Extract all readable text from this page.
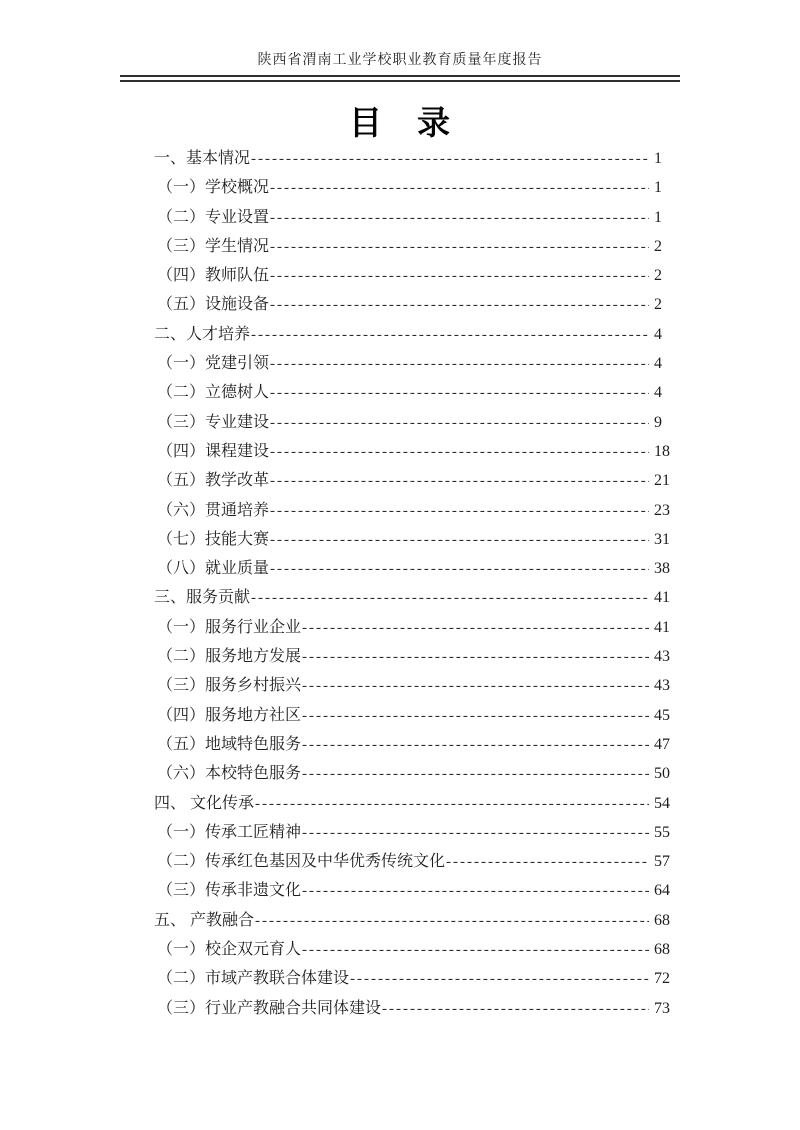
陕西省渭南工业学校职业教育质量年度报告
目　录
一、基本情况 -----	1
（一）学校概况 -----	1
（二）专业设置 -----	1
（三）学生情况 -----	2
（四）教师队伍 -----	2
（五）设施设备 -----	2
二、人才培养 -----	4
（一）党建引领 -----	4
（二）立德树人 -----	4
（三）专业建设 -----	9
（四）课程建设 -----	18
（五）教学改革 -----	21
（六）贯通培养 -----	23
（七）技能大赛 -----	31
（八）就业质量 -----	38
三、服务贡献 -----	41
（一）服务行业企业 -----	41
（二）服务地方发展 -----	43
（三）服务乡村振兴 -----	43
（四）服务地方社区 -----	45
（五）地域特色服务 -----	47
（六）本校特色服务 -----	50
四、 文化传承 -----	54
（一）传承工匠精神 -----	55
（二）传承红色基因及中华优秀传统文化 -----	57
（三）传承非遗文化 -----	64
五、 产教融合 -----	68
（一）校企双元育人 -----	68
（二）市域产教联合体建设 -----	72
（三）行业产教融合共同体建设 -----	73
